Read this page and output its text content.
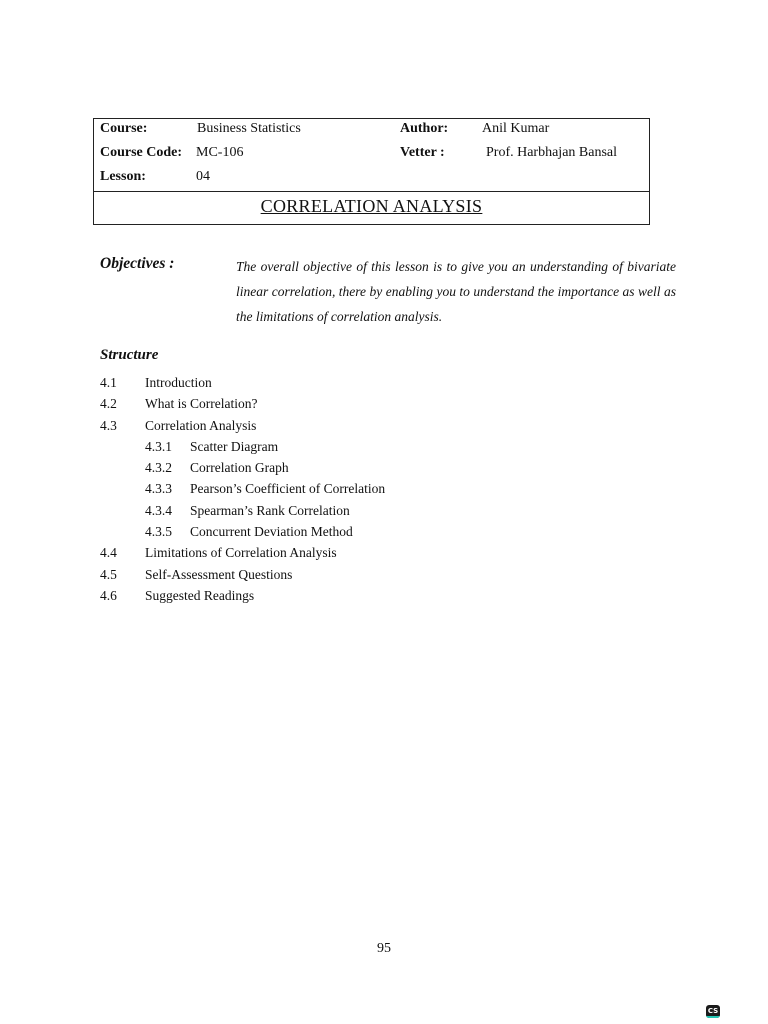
Course:	Business Statistics	Author: Anil Kumar
Course Code: MC-106	Vetter :	Prof. Harbhajan Bansal
Lesson:	04
CORRELATION ANALYSIS
Objectives :	The overall objective of this lesson is to give you an understanding of bivariate linear correlation, there by enabling you to understand the importance as well as the limitations of correlation analysis.
Structure
4.1 Introduction
4.2 What is Correlation?
4.3 Correlation Analysis
4.3.1 Scatter Diagram
4.3.2 Correlation Graph
4.3.3 Pearson’s Coefficient of Correlation
4.3.4 Spearman’s Rank Correlation
4.3.5 Concurrent Deviation Method
4.4 Limitations of Correlation Analysis
4.5 Self-Assessment Questions
4.6 Suggested Readings
95
CS
